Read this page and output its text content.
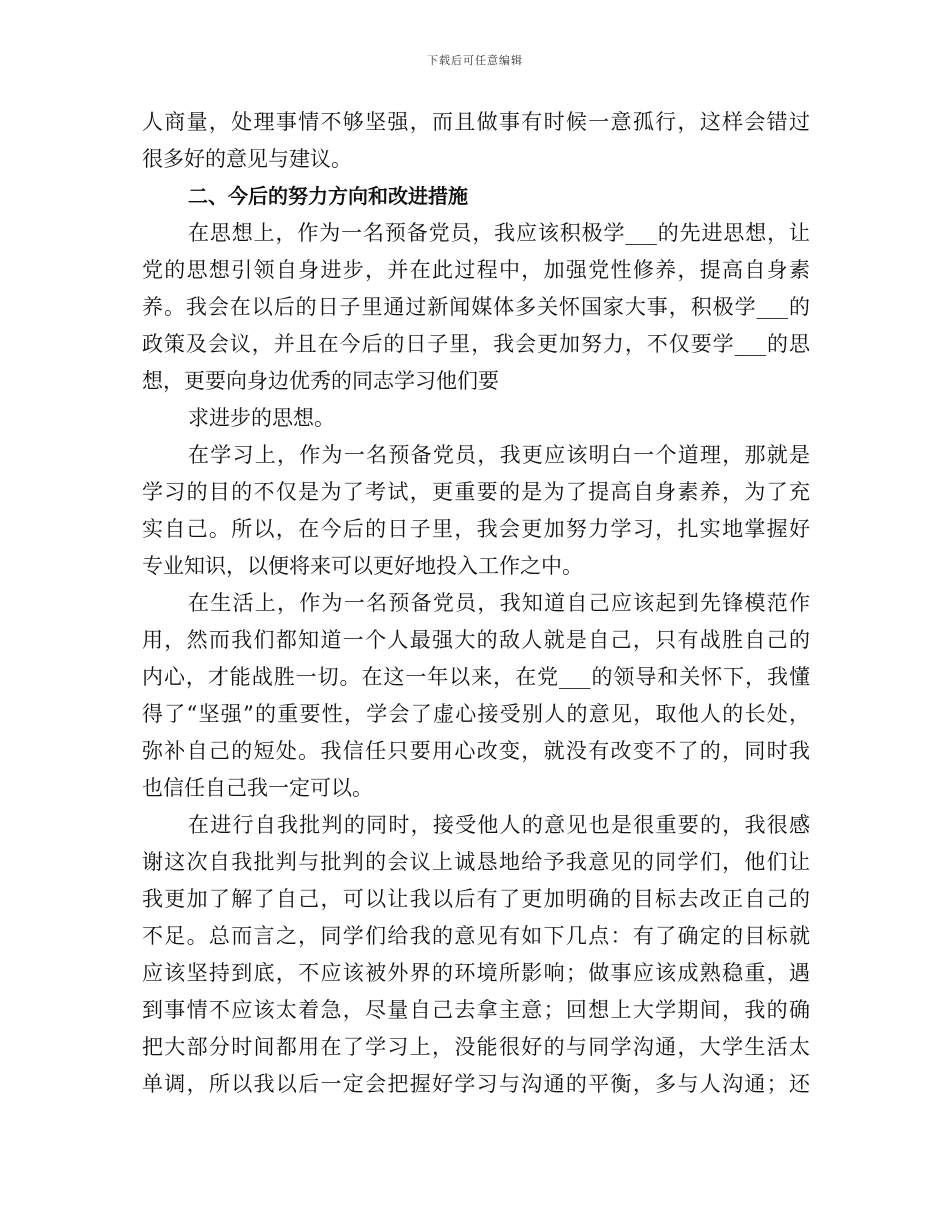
下载后可任意编辑
人商量，处理事情不够坚强，而且做事有时候一意孤行，这样会错过
很多好的意见与建议。
二、今后的努力方向和改进措施
在思想上，作为一名预备党员，我应该积极学___的先进思想，让
党的思想引领自身进步，并在此过程中，加强党性修养，提高自身素
养。我会在以后的日子里通过新闻媒体多关怀国家大事，积极学___的
政策及会议，并且在今后的日子里，我会更加努力，不仅要学___的思
想，更要向身边优秀的同志学习他们要
求进步的思想。
在学习上，作为一名预备党员，我更应该明白一个道理，那就是
学习的目的不仅是为了考试，更重要的是为了提高自身素养，为了充
实自己。所以，在今后的日子里，我会更加努力学习，扎实地掌握好
专业知识，以便将来可以更好地投入工作之中。
在生活上，作为一名预备党员，我知道自己应该起到先锋模范作
用，然而我们都知道一个人最强大的敌人就是自己，只有战胜自己的
内心，才能战胜一切。在这一年以来，在党___的领导和关怀下，我懂
得了“坚强”的重要性，学会了虚心接受别人的意见，取他人的长处，
弥补自己的短处。我信任只要用心改变，就没有改变不了的，同时我
也信任自己我一定可以。
在进行自我批判的同时，接受他人的意见也是很重要的，我很感
谢这次自我批判与批判的会议上诚恳地给予我意见的同学们，他们让
我更加了解了自己，可以让我以后有了更加明确的目标去改正自己的
不足。总而言之，同学们给我的意见有如下几点：有了确定的目标就
应该坚持到底，不应该被外界的环境所影响；做事应该成熟稳重，遇
到事情不应该太着急，尽量自己去拿主意；回想上大学期间，我的确
把大部分时间都用在了学习上，没能很好的与同学沟通，大学生活太
单调，所以我以后一定会把握好学习与沟通的平衡，多与人沟通；还
